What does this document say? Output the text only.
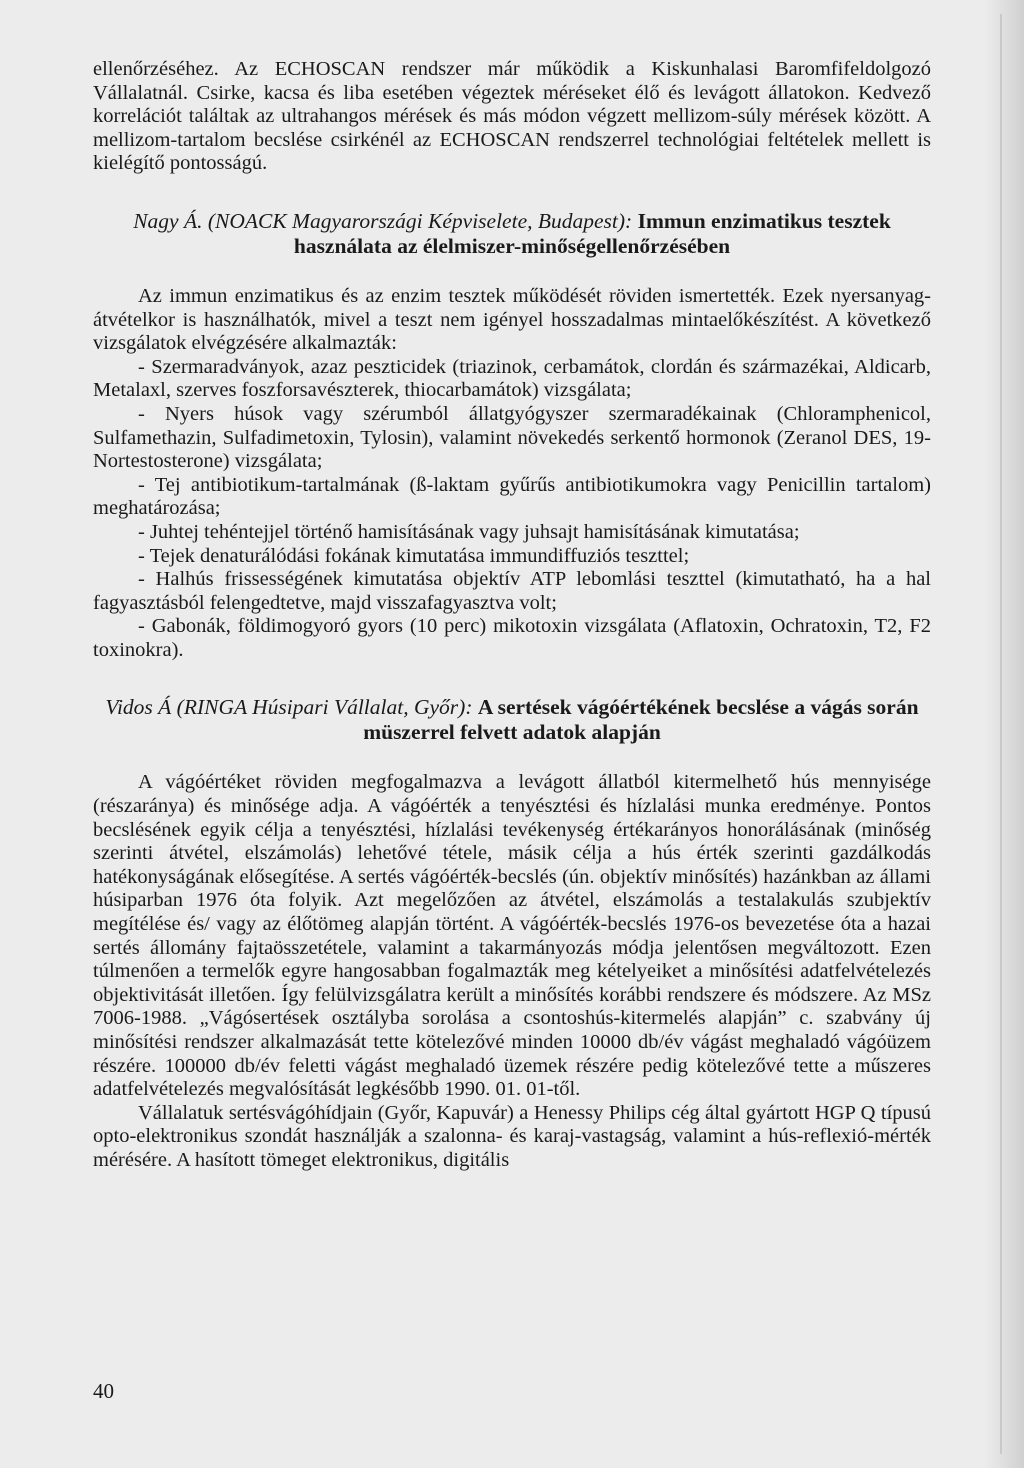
ellenőrzéséhez. Az ECHOSCAN rendszer már működik a Kiskunhalasi Baromfifeldolgozó Vállalatnál. Csirke, kacsa és liba esetében végeztek méréseket élő és levágott állatokon. Kedvező korrelációt találtak az ultrahangos mérések és más módon végzett mellizom-súly mérések között. A mellizom-tartalom becslése csirkénél az ECHOSCAN rendszerrel technológiai feltételek mellett is kielégítő pontosságú.

Nagy Á. (NOACK Magyarországi Képviselete, Budapest): Immun enzimatikus tesztek használata az élelmiszer-minőségellenőrzésében

Az immun enzimatikus és az enzim tesztek működését röviden ismertették. Ezek nyersanyag-átvételkor is használhatók, mivel a teszt nem igényel hosszadalmas mintaelőkészítést. A következő vizsgálatok elvégzésére alkalmazták:

- Szermaradványok, azaz peszticidek (triazinok, cerbamátok, clordán és származékai, Aldicarb, Metalaxl, szerves foszforsavészterek, thiocarbamátok) vizsgálata;

- Nyers húsok vagy szérumból állatgyógyszer szermaradékainak (Chloramphenicol, Sulfamethazin, Sulfadimetoxin, Tylosin), valamint növekedés serkentő hormonok (Zeranol DES, 19-Nortestosterone) vizsgálata;

- Tej antibiotikum-tartalmának (ß-laktam gyűrűs antibiotikumokra vagy Penicillin tartalom) meghatározása;

- Juhtej tehéntejjel történő hamisításának vagy juhsajt hamisításának kimutatása;

- Tejek denaturálódási fokának kimutatása immundiffuziós teszttel;

- Halhús frissességének kimutatása objektív ATP lebomlási teszttel (kimutatható, ha a hal fagyasztásból felengedtetve, majd visszafagyasztva volt;

- Gabonák, földimogyoró gyors (10 perc) mikotoxin vizsgálata (Aflatoxin, Ochratoxin, T2, F2 toxinokra).

Vidos Á (RINGA Húsipari Vállalat, Győr): A sertések vágóértékének becslése a vágás során müszerrel felvett adatok alapján

A vágóértéket röviden megfogalmazva a levágott állatból kitermelhető hús mennyisége (részaránya) és minősége adja. A vágóérték a tenyésztési és hízlalási munka eredménye. Pontos becslésének egyik célja a tenyésztési, hízlalási tevékenység értékarányos honorálásának (minőség szerinti átvétel, elszámolás) lehetővé tétele, másik célja a hús érték szerinti gazdálkodás hatékonyságának elősegítése. A sertés vágóérték-becslés (ún. objektív minősítés) hazánkban az állami húsiparban 1976 óta folyik. Azt megelőzően az átvétel, elszámolás a testalakulás szubjektív megítélése és/ vagy az élőtömeg alapján történt. A vágóérték-becslés 1976-os bevezetése óta a hazai sertés állomány fajtaösszetétele, valamint a takarmányozás módja jelentősen megváltozott. Ezen túlmenően a termelők egyre hangosabban fogalmazták meg kételyeiket a minősítési adatfelvételezés objektivitását illetően. Így felülvizsgálatra került a minősítés korábbi rendszere és módszere. Az MSz 7006-1988. „Vágósertések osztályba sorolása a csontoshús-kitermelés alapján” c. szabvány új minősítési rendszer alkalmazását tette kötelezővé minden 10000 db/év vágást meghaladó vágóüzem részére. 100000 db/év feletti vágást meghaladó üzemek részére pedig kötelezővé tette a műszeres adatfelvételezés megvalósítását legkésőbb 1990. 01. 01-től.

Vállalatuk sertésvágóhídjain (Győr, Kapuvár) a Henessy Philips cég által gyártott HGP Q típusú opto-elektronikus szondát használják a szalonna- és karaj-vastagság, valamint a hús-reflexió-mérték mérésére. A hasított tömeget elektronikus, digitális

40
